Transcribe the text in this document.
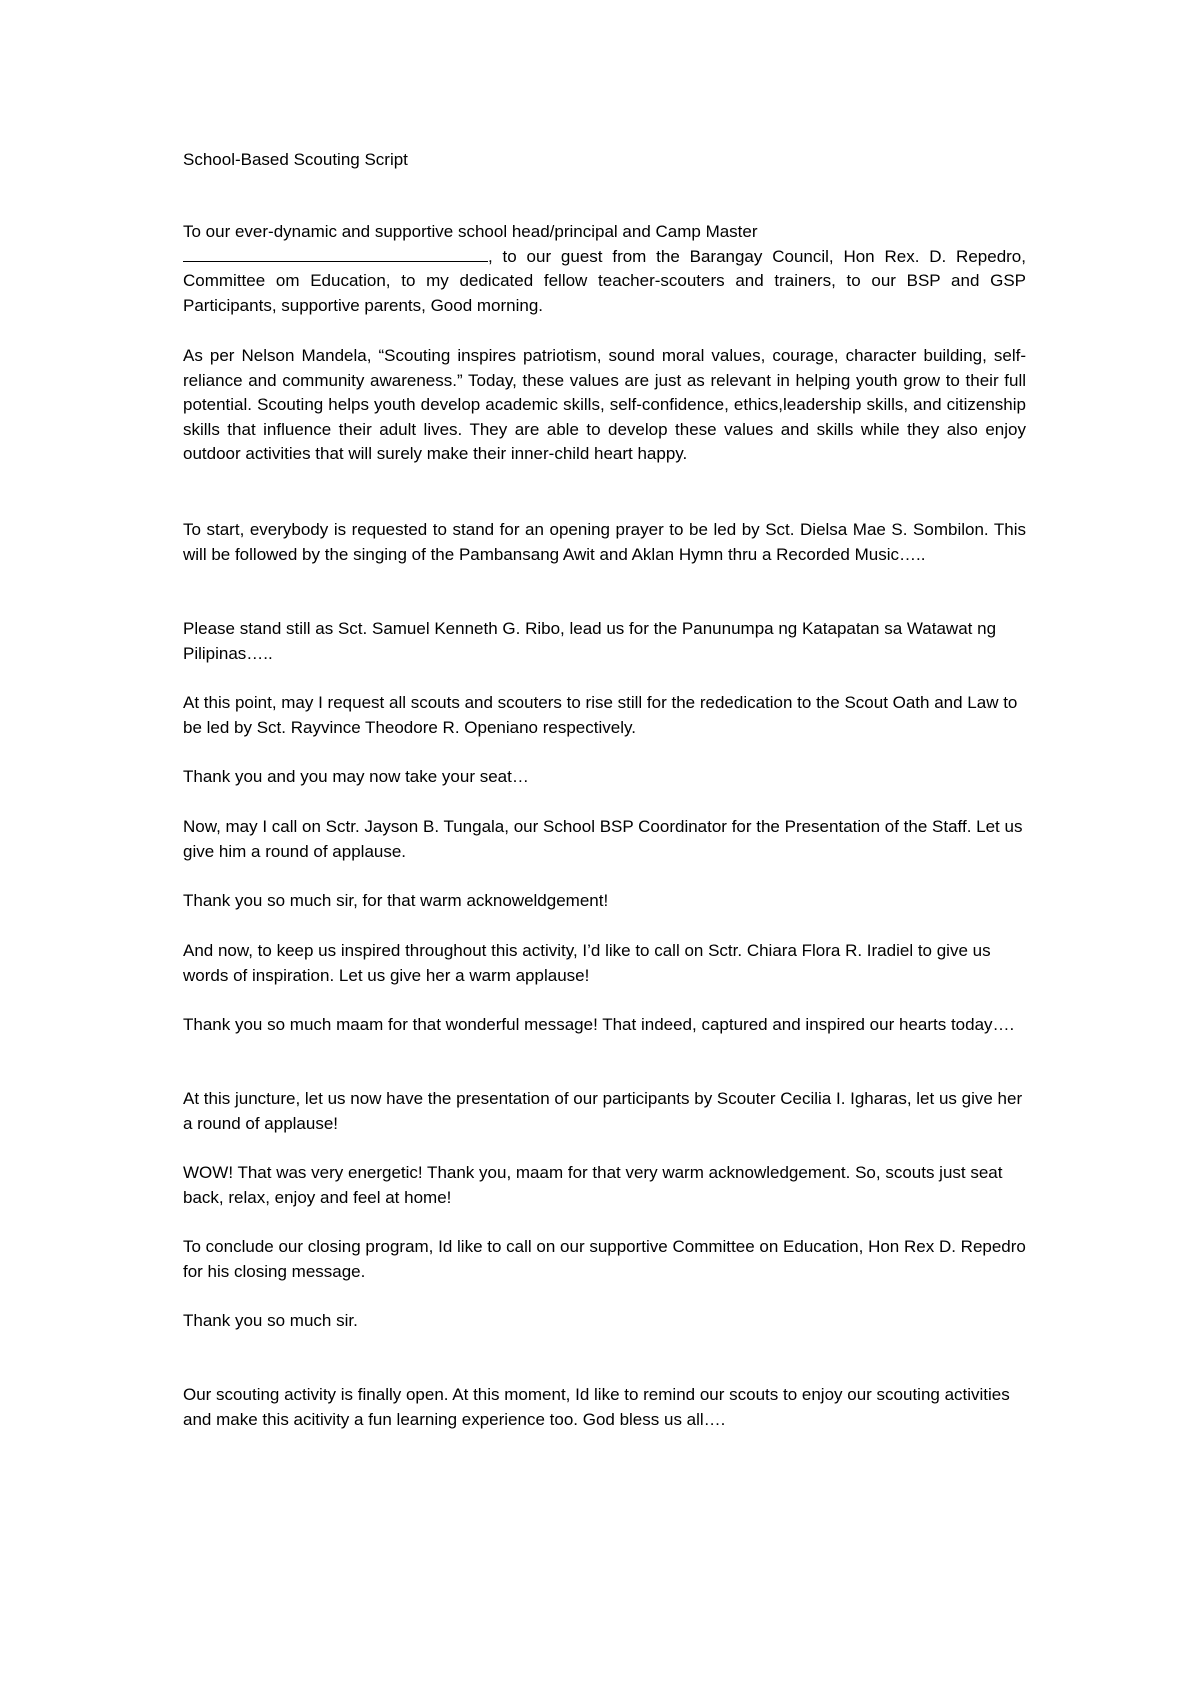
School-Based Scouting Script

To our ever-dynamic and supportive school head/principal and Camp Master
, to our guest from the Barangay Council, Hon Rex. D. Repedro, Committee om Education, to my dedicated fellow teacher-scouters and trainers, to our BSP and GSP Participants, supportive parents, Good morning.

As per Nelson Mandela, “Scouting inspires patriotism, sound moral values, courage, character building, self-reliance and community awareness.” Today, these values are just as relevant in helping youth grow to their full potential. Scouting helps youth develop academic skills, self-confidence, ethics,leadership skills, and citizenship skills that influence their adult lives. They are able to develop these values and skills while they also enjoy outdoor activities that will surely make their inner-child heart happy.

To start, everybody is requested to stand for an opening prayer to be led by Sct. Dielsa Mae S. Sombilon. This will be followed by the singing of the Pambansang Awit and Aklan Hymn thru a Recorded Music…..

Please stand still as Sct. Samuel Kenneth G. Ribo, lead us for the Panunumpa ng Katapatan sa Watawat ng Pilipinas…..

At this point, may I request all scouts and scouters to rise still for the rededication to the Scout Oath and Law to be led by Sct. Rayvince Theodore R. Openiano respectively.

Thank you and you may now take your seat…

Now, may I call on Sctr. Jayson B. Tungala, our School BSP Coordinator for the Presentation of the Staff. Let us give him a round of applause.

Thank you so much sir, for that warm acknoweldgement!

And now, to keep us inspired throughout this activity, I’d like to call on Sctr. Chiara Flora R. Iradiel to give us words of inspiration. Let us give her a warm applause!

Thank you so much maam for that wonderful message! That indeed, captured and inspired our hearts today….

At this juncture, let us now have the presentation of our participants by Scouter Cecilia I. Igharas, let us give her a round of applause!

WOW! That was very energetic! Thank you, maam for that very warm acknowledgement. So, scouts just seat back, relax, enjoy and feel at home!

To conclude our closing program, Id like to call on our supportive Committee on Education, Hon Rex D. Repedro for his closing message.

Thank you so much sir.

Our scouting activity is finally open. At this moment, Id like to remind our scouts to enjoy our scouting activities and make this acitivity a fun learning experience too. God bless us all….
